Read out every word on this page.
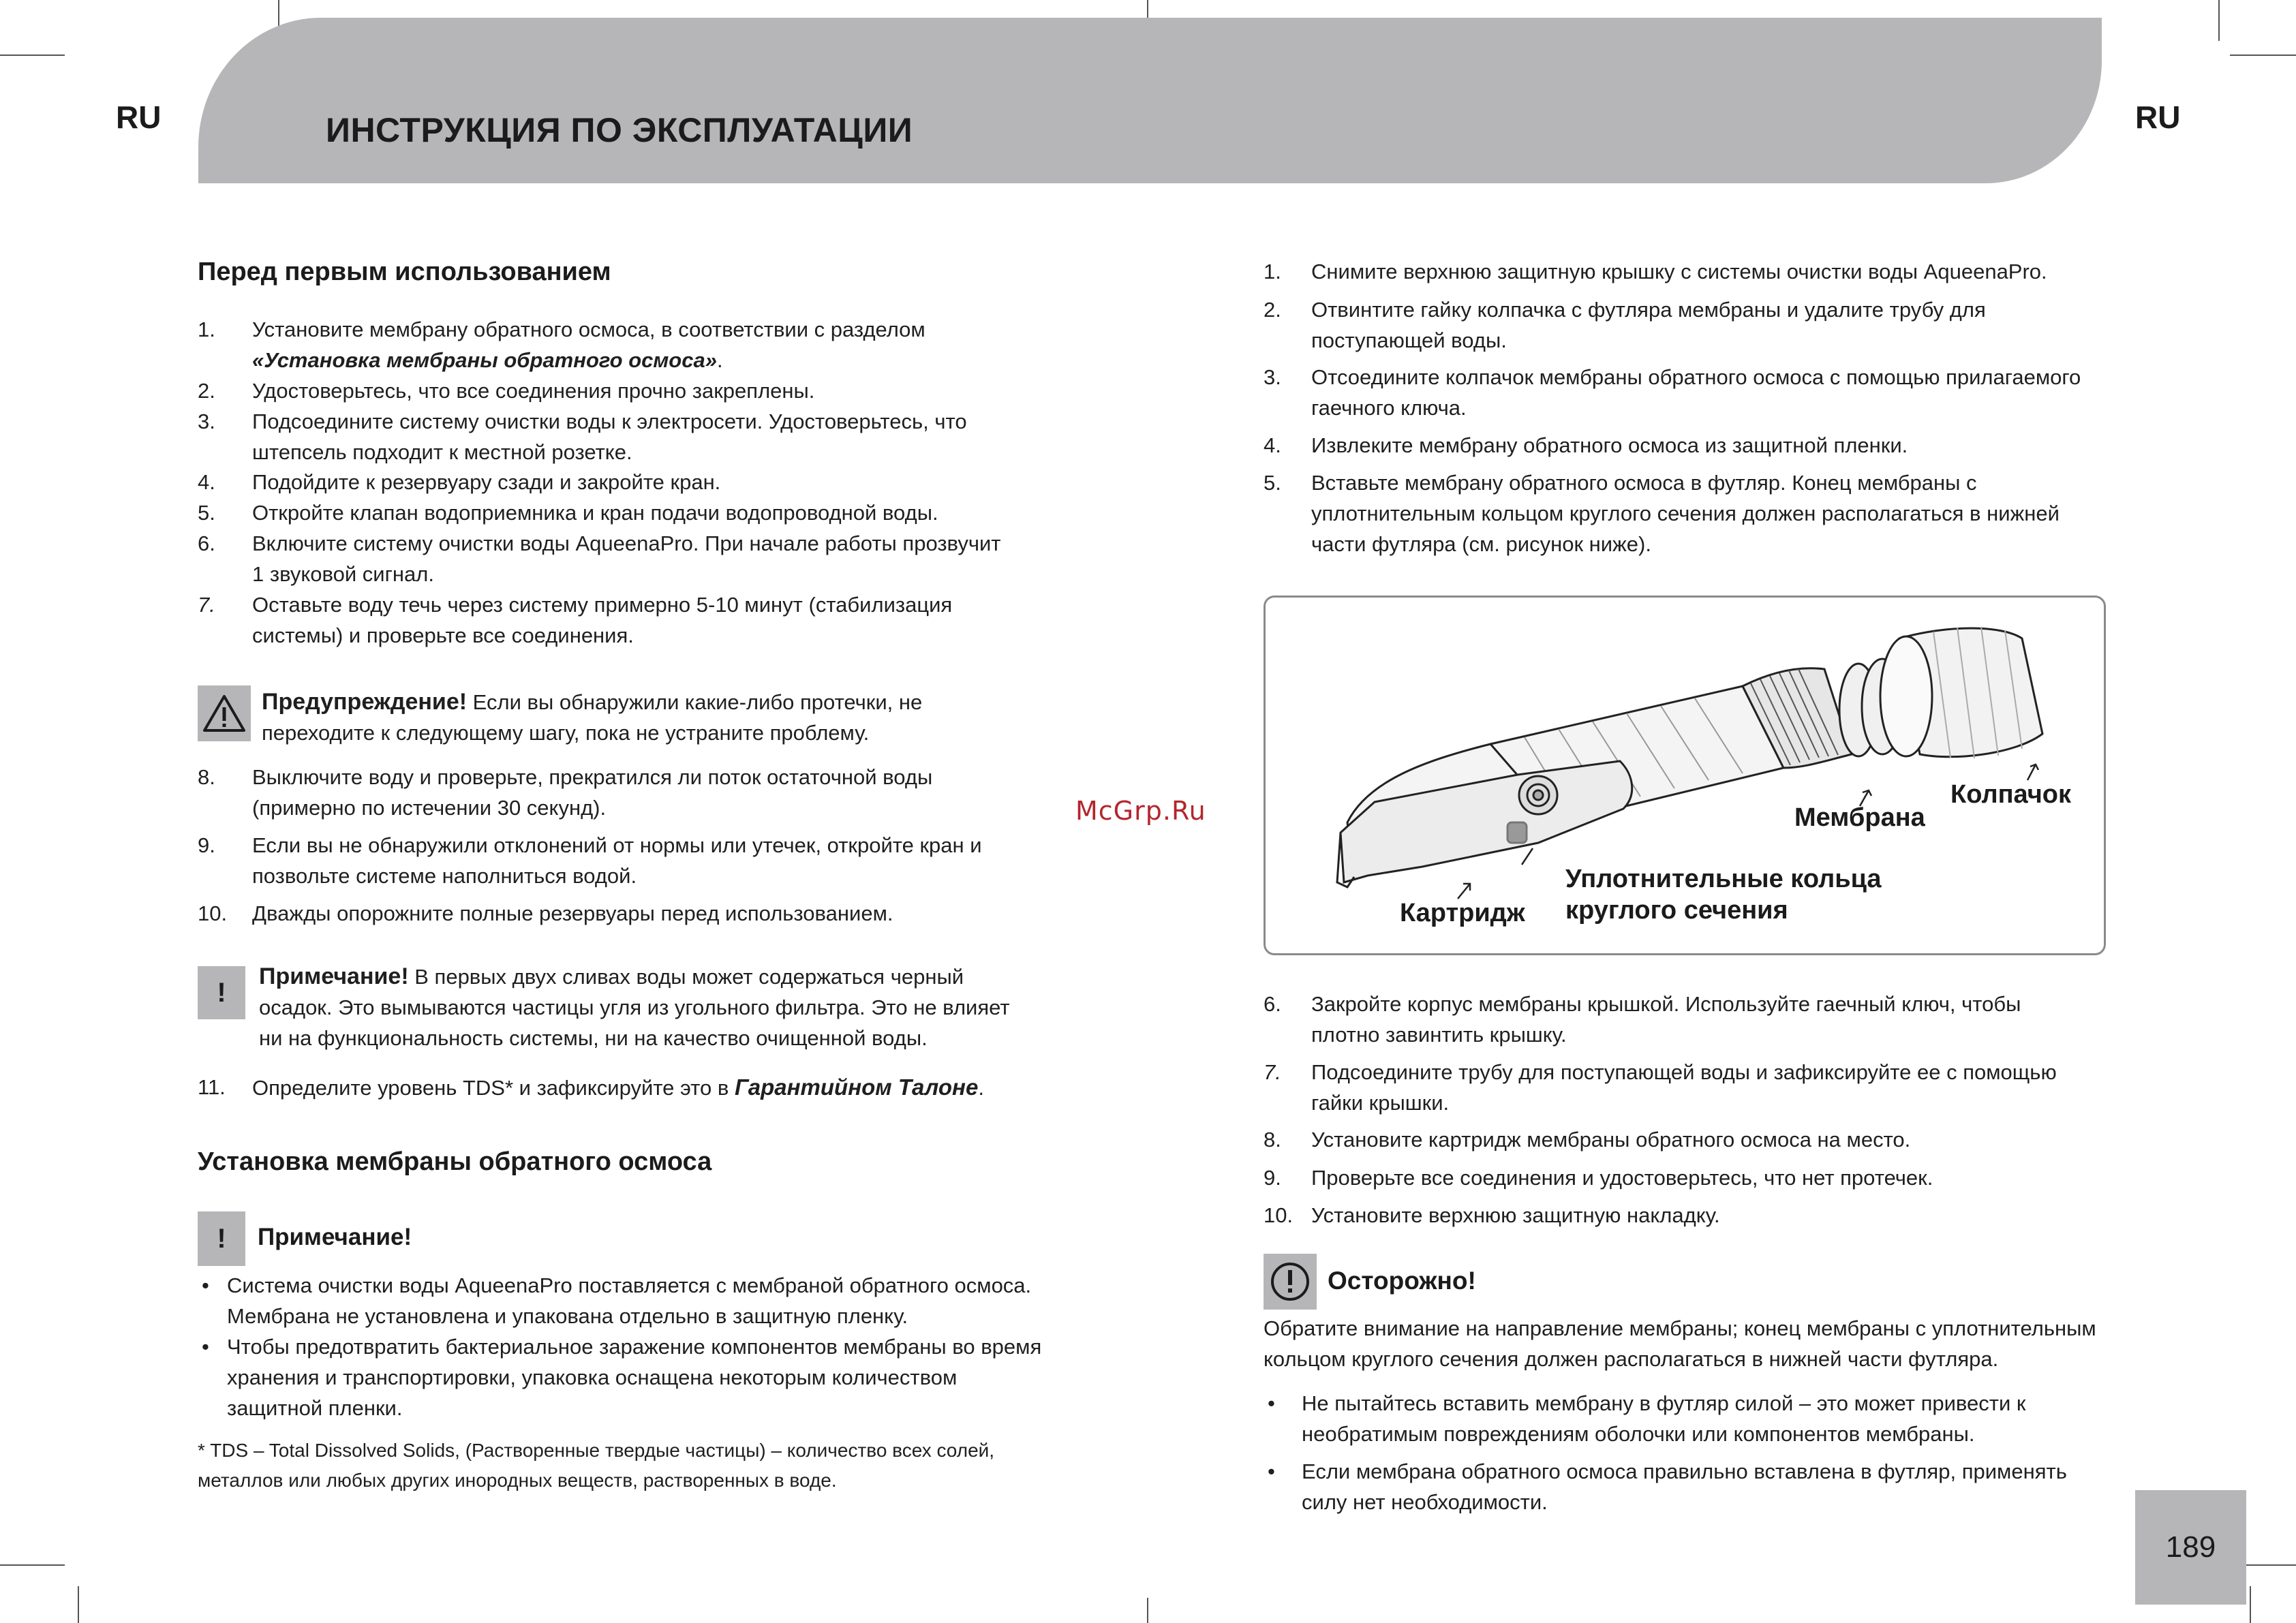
RU	RU
ИНСТРУКЦИЯ ПО ЭКСПЛУАТАЦИИ
McGrp.Ru
Перед первым использованием
1. Установите мембрану обратного осмоса, в соответствии с разделом
«Установка мембраны обратного осмоса».
2. Удостоверьтесь, что все соединения прочно закреплены.
3. Подсоедините систему очистки воды к электросети. Удостоверьтесь, что
штепсель подходит к местной розетке.
4. Подойдите к резервуару сзади и закройте кран.
5. Откройте клапан водоприемника и кран подачи водопроводной воды.
6. Включите систему очистки воды AqueenaPro. При начале работы прозвучит
1 звуковой сигнал.
7. Оставьте воду течь через систему примерно 5-10 минут (стабилизация
системы) и проверьте все соединения.
Предупреждение! Если вы обнаружили какие-либо протечки, не
переходите к следующему шагу, пока не устраните проблему.
8. Выключите воду и проверьте, прекратился ли поток остаточной воды
(примерно по истечении 30 секунд).
9. Если вы не обнаружили отклонений от нормы или утечек, откройте кран и
позвольте системе наполниться водой.
10. Дважды опорожните полные резервуары перед использованием.
!
Примечание! В первых двух сливах воды может содержаться черный
осадок. Это вымываются частицы угля из угольного фильтра. Это не влияет
ни на функциональность системы, ни на качество очищенной воды.
11. Определите уровень TDS* и зафиксируйте это в Гарантийном Талоне.
Установка мембраны обратного осмоса
! Примечание!
• Система очистки воды AqueenaPro поставляется с мембраной обратного осмоса.
Мембрана не установлена и упакована отдельно в защитную пленку.
• Чтобы предотвратить бактериальное заражение компонентов мембраны во время
хранения и транспортировки, упаковка оснащена некоторым количеством
защитной пленки.
* TDS – Total Dissolved Solids, (Растворенные твердые частицы) – количество всех солей,
металлов или любых других инородных веществ, растворенных в воде.
1. Снимите верхнюю защитную крышку с системы очистки воды AqueenaPro.
2. Отвинтите гайку колпачка с футляра мембраны и удалите трубу для
поступающей воды.
3. Отсоедините колпачок мембраны обратного осмоса с помощью прилагаемого
гаечного ключа.
4. Извлеките мембрану обратного осмоса из защитной пленки.
5. Вставьте мембрану обратного осмоса в футляр. Конец мембраны с
уплотнительным кольцом круглого сечения должен располагаться в нижней
части футляра (см. рисунок ниже).
Колпачок
Мембрана
Уплотнительные кольца
круглого сечения
Картридж
6. Закройте корпус мембраны крышкой. Используйте гаечный ключ, чтобы
плотно завинтить крышку.
7. Подсоедините трубу для поступающей воды и зафиксируйте ее с помощью
гайки крышки.
8. Установите картридж мембраны обратного осмоса на место.
9. Проверьте все соединения и удостоверьтесь, что нет протечек.
10. Установите верхнюю защитную накладку.
Осторожно!
Обратите внимание на направление мембраны; конец мембраны с уплотнительным
кольцом круглого сечения должен располагаться в нижней части футляра.
• Не пытайтесь вставить мембрану в футляр силой – это может привести к
необратимым повреждениям оболочки или компонентов мембраны.
• Если мембрана обратного осмоса правильно вставлена в футляр, применять
силу нет необходимости.
189
